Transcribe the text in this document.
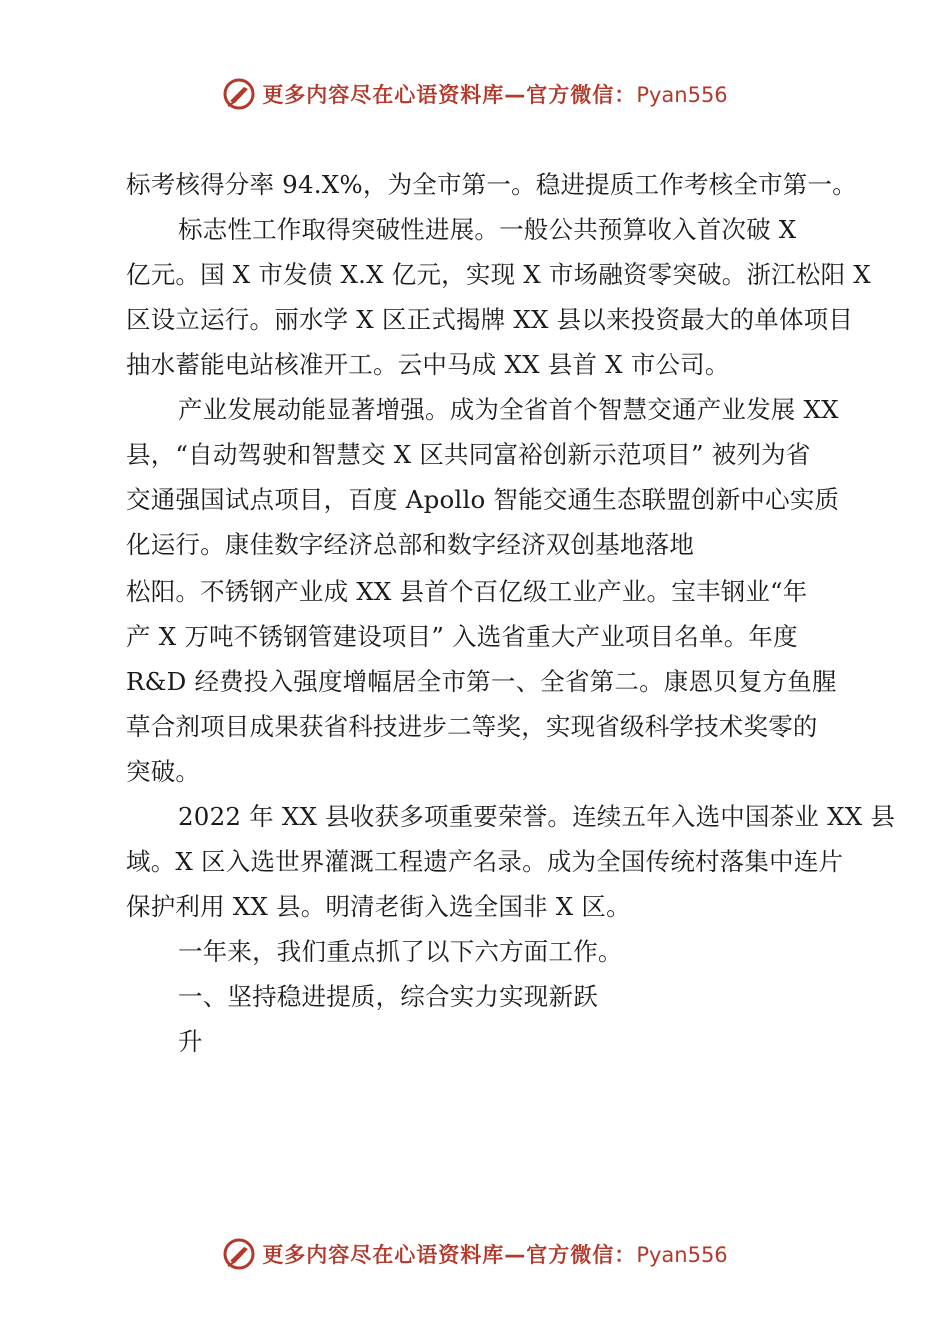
更多内容尽在心语资料库—官方微信：Pyan556
标考核得分率 94.X%，为全市第一。稳进提质工作考核全市第一。
标志性工作取得突破性进展。一般公共预算收入首次破 X
亿元。国 X 市发债 X.X 亿元，实现 X 市场融资零突破。浙江松阳 X
区设立运行。丽水学 X 区正式揭牌 XX 县以来投资最大的单体项目
抽水蓄能电站核准开工。云中马成 XX 县首 X 市公司。
产业发展动能显著增强。成为全省首个智慧交通产业发展 XX
县，“自动驾驶和智慧交 X 区共同富裕创新示范项目” 被列为省
交通强国试点项目，百度 Apollo 智能交通生态联盟创新中心实质
化运行。康佳数字经济总部和数字经济双创基地落地
松阳。不锈钢产业成 XX 县首个百亿级工业产业。宝丰钢业“年
产 X 万吨不锈钢管建设项目” 入选省重大产业项目名单。年度
R&D 经费投入强度增幅居全市第一、全省第二。康恩贝复方鱼腥
草合剂项目成果获省科技进步二等奖，实现省级科学技术奖零的
突破。
2022 年 XX 县收获多项重要荣誉。连续五年入选中国茶业 XX 县
域。X 区入选世界灌溉工程遗产名录。成为全国传统村落集中连片
保护利用 XX 县。明清老街入选全国非 X 区。
一年来，我们重点抓了以下六方面工作。
一、坚持稳进提质，综合实力实现新跃
升
更多内容尽在心语资料库—官方微信：Pyan556
